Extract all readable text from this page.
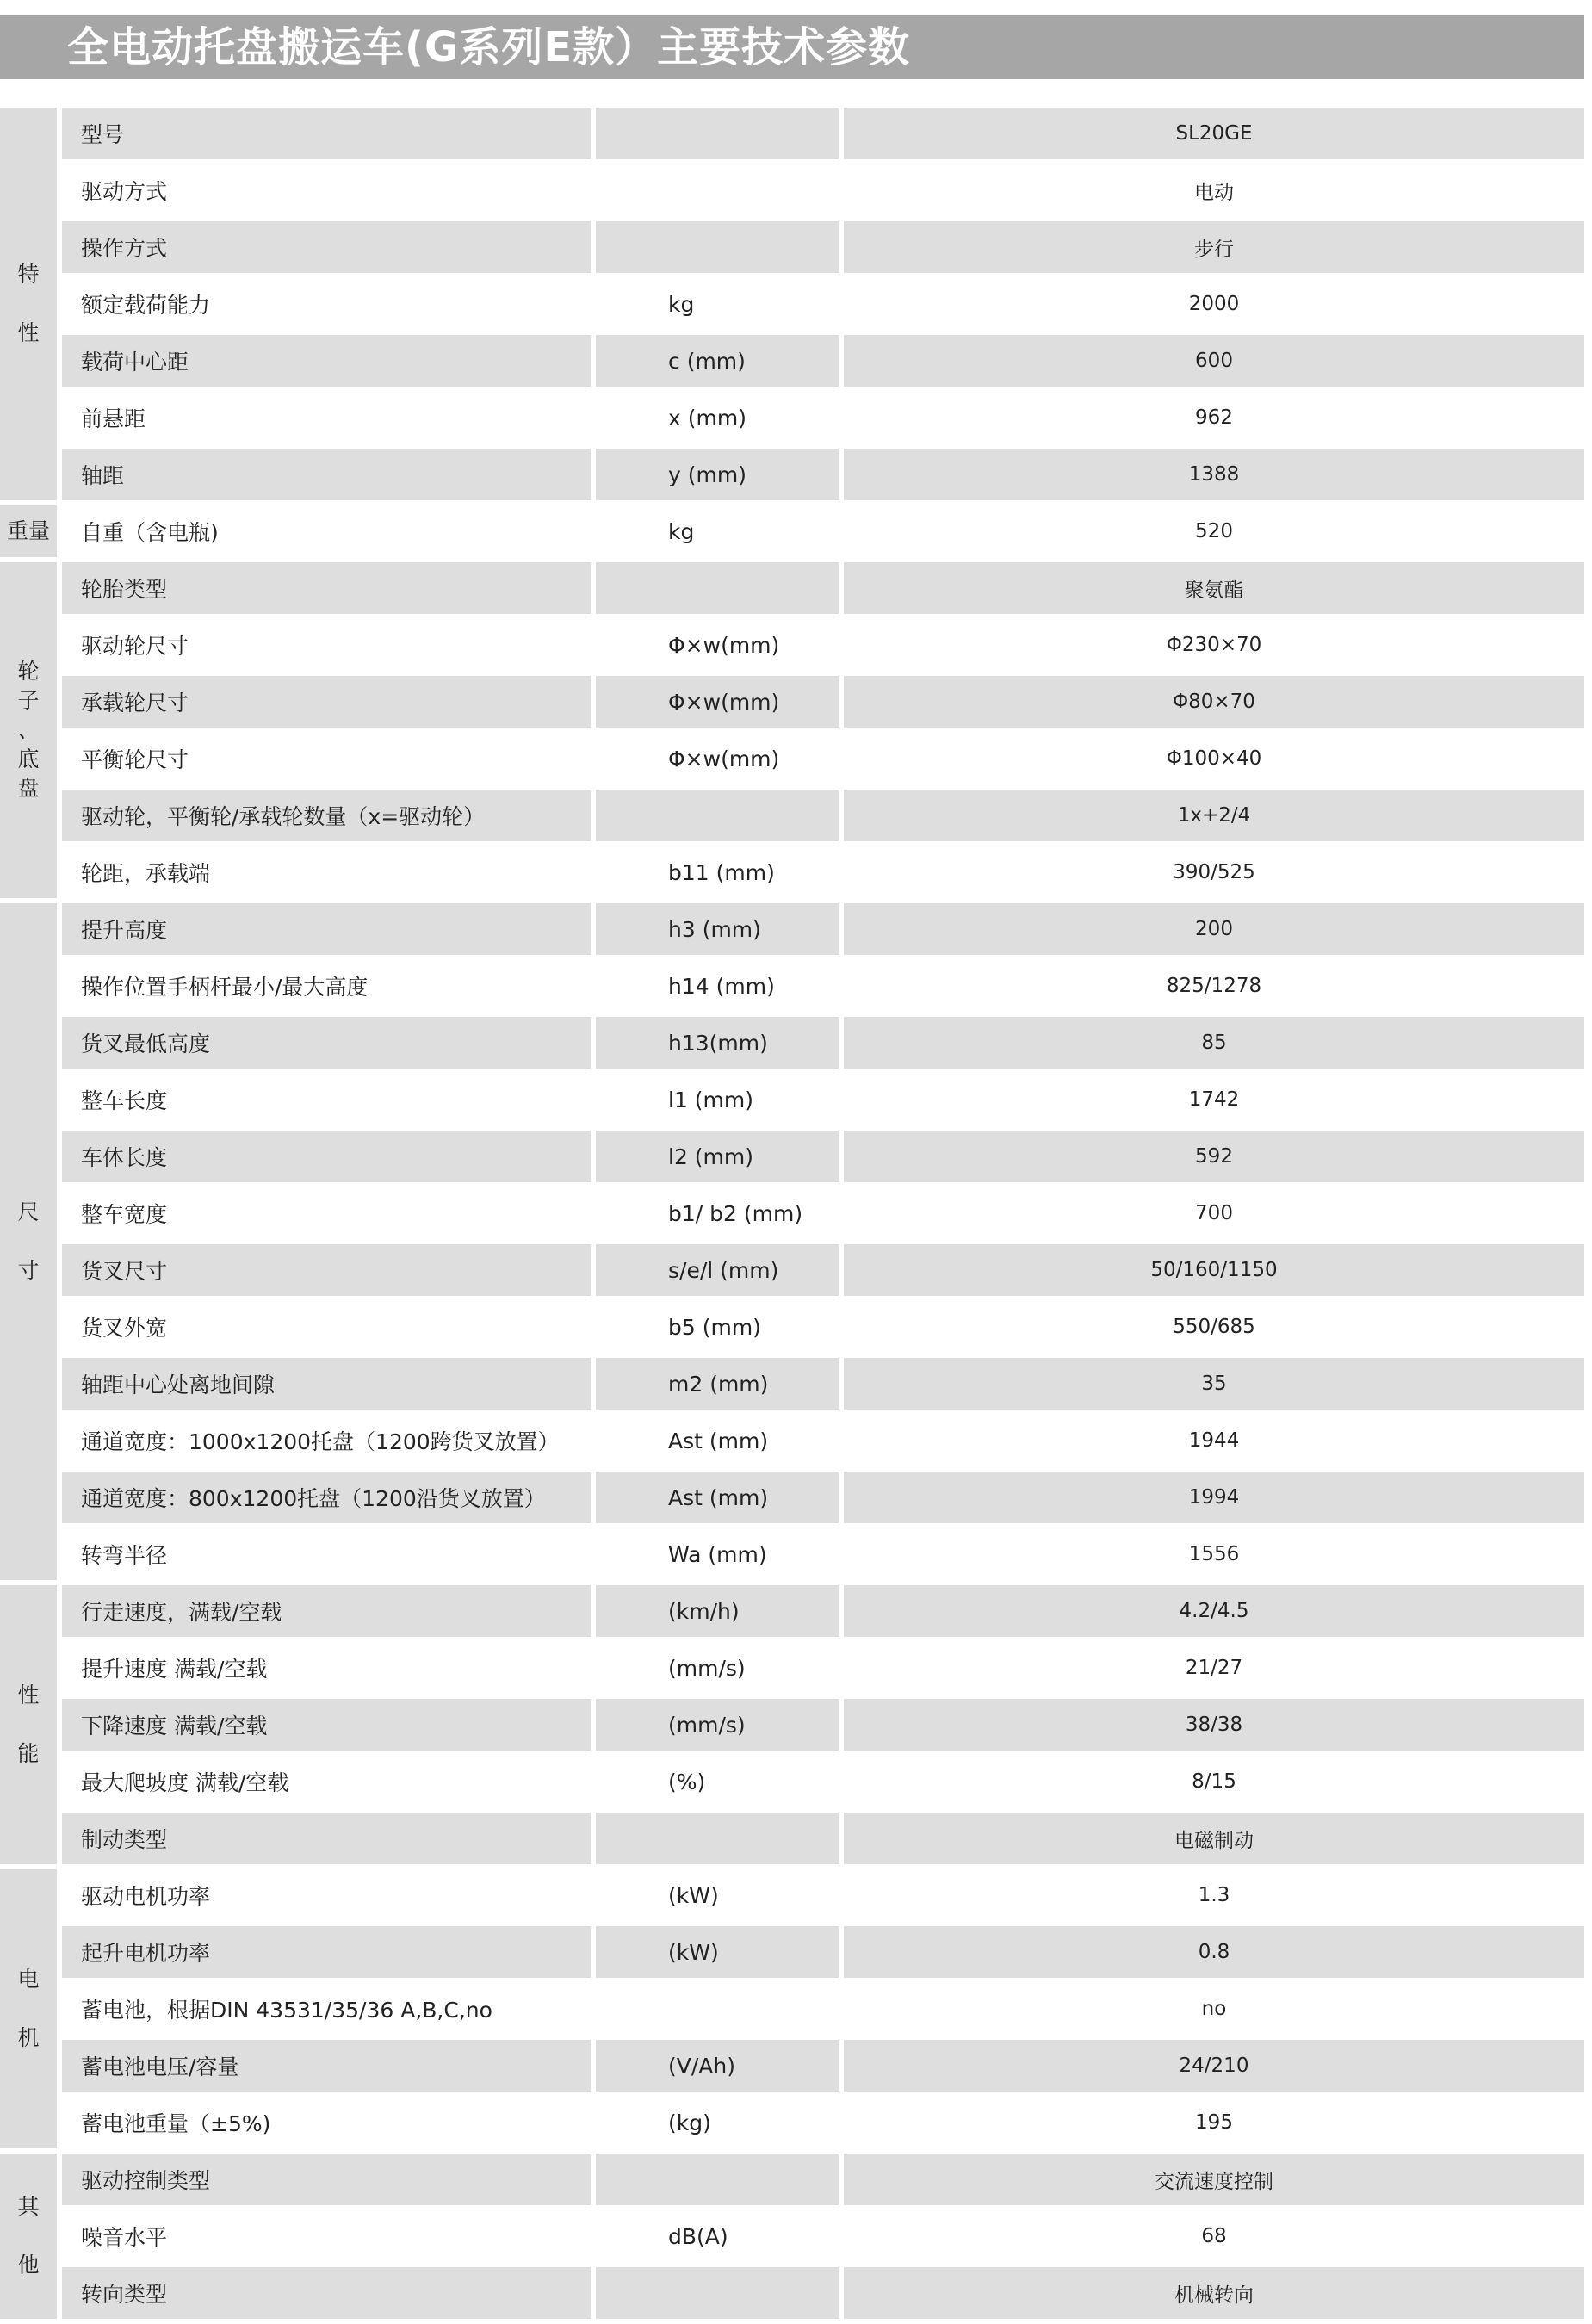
全电动托盘搬运车(G系列E款）主要技术参数
特

性
型号	SL20GE
驱动方式	电动
操作方式	步行
额定载荷能力	kg	2000
载荷中心距	c (mm)	600
前悬距	x (mm)	962
轴距	y (mm)	1388
重量	自重（含电瓶)	kg	520
轮
子
、
底
盘
轮胎类型	聚氨酯
驱动轮尺寸	Φ×w(mm)	Φ230×70
承载轮尺寸	Φ×w(mm)	Φ80×70
平衡轮尺寸	Φ×w(mm)	Φ100×40
驱动轮，平衡轮/承载轮数量（x=驱动轮）	1x+2/4
轮距，承载端	b11 (mm)	390/525
尺

寸
提升高度	h3 (mm)	200
操作位置手柄杆最小/最大高度	h14 (mm)	825/1278
货叉最低高度	h13(mm)	85
整车长度	l1 (mm)	1742
车体长度	l2 (mm)	592
整车宽度	b1/ b2 (mm)	700
货叉尺寸	s/e/l (mm)	50/160/1150
货叉外宽	b5 (mm)	550/685
轴距中心处离地间隙	m2 (mm)	35
通道宽度：1000x1200托盘（1200跨货叉放置）	Ast (mm)	1944
通道宽度：800x1200托盘（1200沿货叉放置）	Ast (mm)	1994
转弯半径	Wa (mm)	1556
性

能
行走速度，满载/空载	(km/h)	4.2/4.5
提升速度 满载/空载	(mm/s)	21/27
下降速度 满载/空载	(mm/s)	38/38
最大爬坡度 满载/空载	(%)	8/15
制动类型	电磁制动
电

机
驱动电机功率	(kW)	1.3
起升电机功率	(kW)	0.8
蓄电池，根据DIN 43531/35/36 A,B,C,no	no
蓄电池电压/容量	(V/Ah)	24/210
蓄电池重量（±5%)	(kg)	195
其

他
驱动控制类型	交流速度控制
噪音水平	dB(A)	68
转向类型	机械转向
